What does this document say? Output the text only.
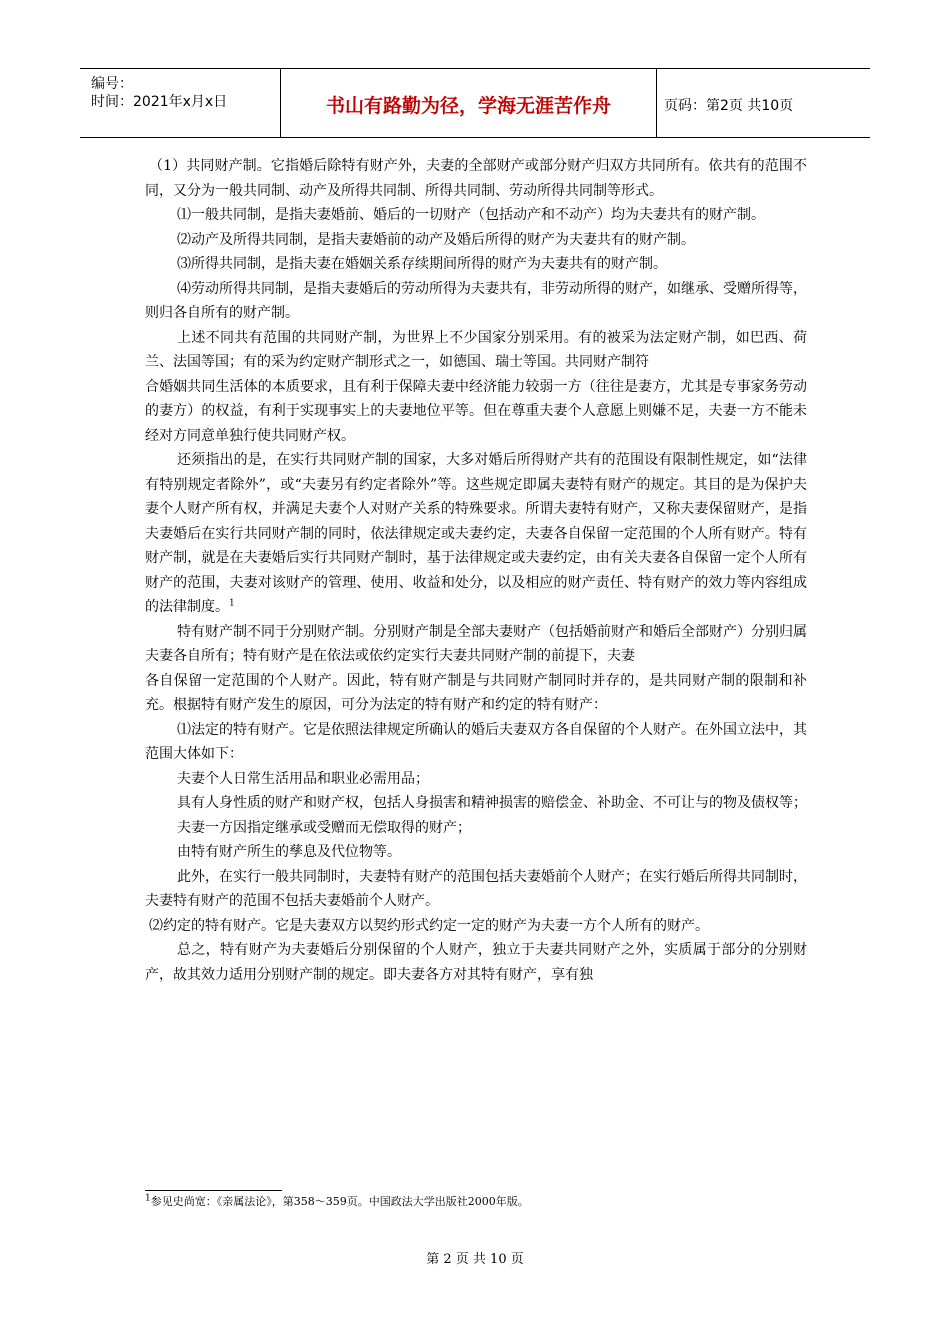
编号：
时间：2021年x月x日	书山有路勤为径，学海无涯苦作舟	页码：第2页 共10页

（1）共同财产制。它指婚后除特有财产外，夫妻的全部财产或部分财产归双方共同所有。依共有的范围不同，又分为一般共同制、动产及所得共同制、所得共同制、劳动所得共同制等形式。

⑴一般共同制，是指夫妻婚前、婚后的一切财产（包括动产和不动产）均为夫妻共有的财产制。

⑵动产及所得共同制，是指夫妻婚前的动产及婚后所得的财产为夫妻共有的财产制。

⑶所得共同制，是指夫妻在婚姻关系存续期间所得的财产为夫妻共有的财产制。

⑷劳动所得共同制，是指夫妻婚后的劳动所得为夫妻共有，非劳动所得的财产，如继承、受赠所得等，则归各自所有的财产制。

上述不同共有范围的共同财产制，为世界上不少国家分别采用。有的被采为法定财产制，如巴西、荷兰、法国等国；有的采为约定财产制形式之一，如德国、瑞士等国。共同财产制符

合婚姻共同生活体的本质要求，且有利于保障夫妻中经济能力较弱一方（往往是妻方，尤其是专事家务劳动的妻方）的权益，有利于实现事实上的夫妻地位平等。但在尊重夫妻个人意愿上则嫌不足，夫妻一方不能未经对方同意单独行使共同财产权。

还须指出的是，在实行共同财产制的国家，大多对婚后所得财产共有的范围设有限制性规定，如“法律有特别规定者除外”，或“夫妻另有约定者除外”等。这些规定即属夫妻特有财产的规定。其目的是为保护夫妻个人财产所有权，并满足夫妻个人对财产关系的特殊要求。所谓夫妻特有财产，又称夫妻保留财产，是指夫妻婚后在实行共同财产制的同时，依法律规定或夫妻约定，夫妻各自保留一定范围的个人所有财产。特有财产制，就是在夫妻婚后实行共同财产制时，基于法律规定或夫妻约定，由有关夫妻各自保留一定个人所有财产的范围，夫妻对该财产的管理、使用、收益和处分，以及相应的财产责任、特有财产的效力等内容组成的法律制度。$^1$

特有财产制不同于分别财产制。分别财产制是全部夫妻财产（包括婚前财产和婚后全部财产）分别归属夫妻各自所有；特有财产是在依法或依约定实行夫妻共同财产制的前提下，夫妻

各自保留一定范围的个人财产。因此，特有财产制是与共同财产制同时并存的，是共同财产制的限制和补充。根据特有财产发生的原因，可分为法定的特有财产和约定的特有财产：

⑴法定的特有财产。它是依照法律规定所确认的婚后夫妻双方各自保留的个人财产。在外国立法中，其范围大体如下：

夫妻个人日常生活用品和职业必需用品；

具有人身性质的财产和财产权，包括人身损害和精神损害的赔偿金、补助金、不可让与的物及债权等；

夫妻一方因指定继承或受赠而无偿取得的财产；

由特有财产所生的孳息及代位物等。

此外，在实行一般共同制时，夫妻特有财产的范围包括夫妻婚前个人财产；在实行婚后所得共同制时，夫妻特有财产的范围不包括夫妻婚前个人财产。

⑵约定的特有财产。它是夫妻双方以契约形式约定一定的财产为夫妻一方个人所有的财产。

总之，特有财产为夫妻婚后分别保留的个人财产，独立于夫妻共同财产之外，实质属于部分的分别财产，故其效力适用分别财产制的规定。即夫妻各方对其特有财产，享有独

$^1$参见史尚宽：《亲属法论》，第358～359页。中国政法大学出版社2000年版。
第 2 页 共 10 页
